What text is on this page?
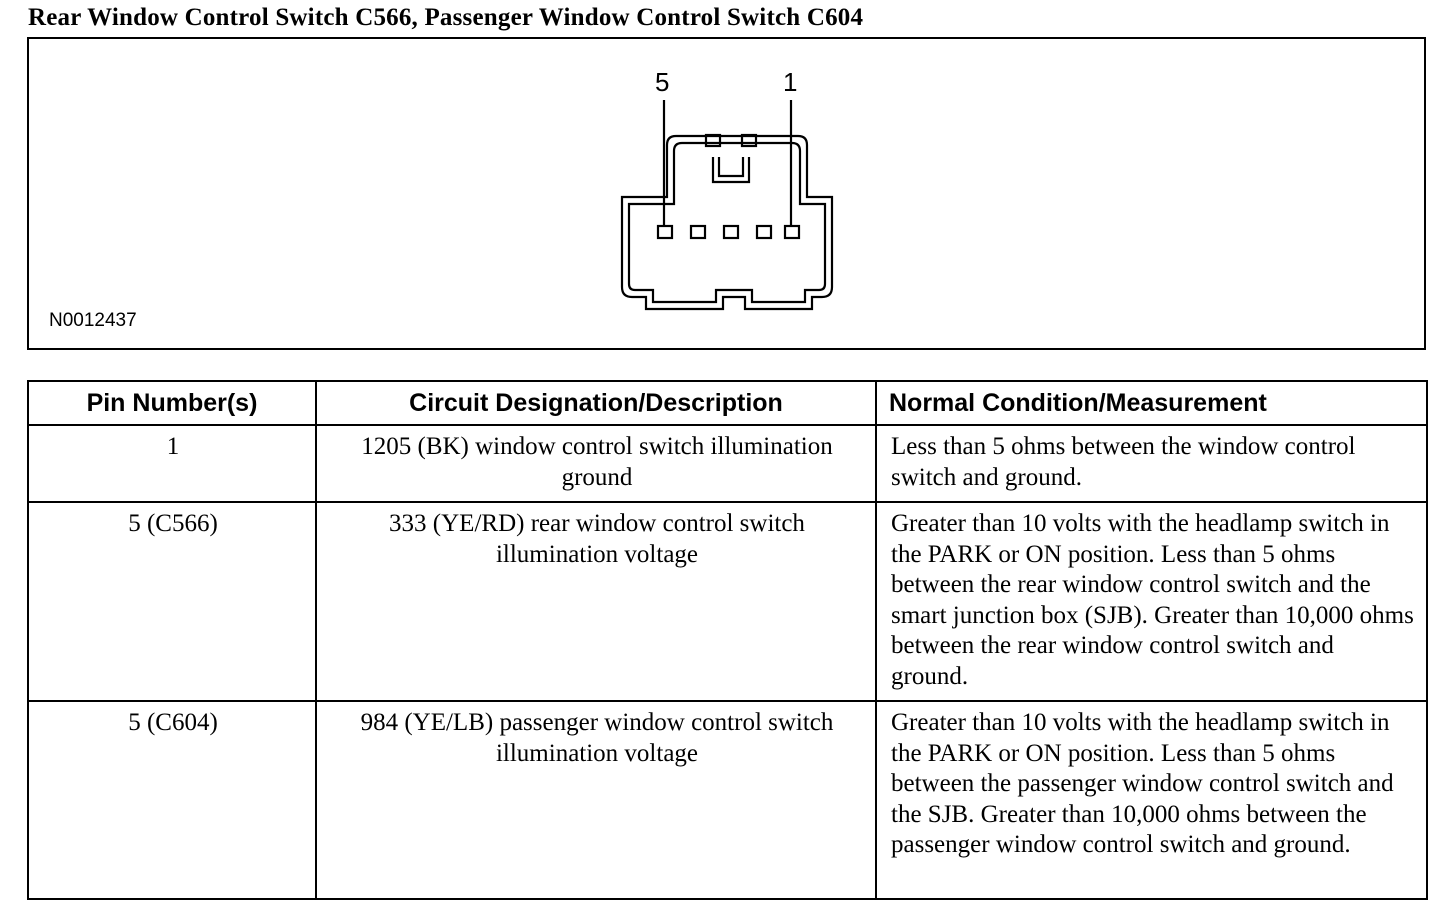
Rear Window Control Switch C566, Passenger Window Control Switch C604
5	1
N0012437
Pin Number(s)	Circuit Designation/Description	Normal Condition/Measurement
1	1205 (BK) window control switch illumination ground	Less than 5 ohms between the window control switch and ground.
5 (C566)	333 (YE/RD) rear window control switch illumination voltage	Greater than 10 volts with the headlamp switch in the PARK or ON position. Less than 5 ohms between the rear window control switch and the smart junction box (SJB). Greater than 10,000 ohms between the rear window control switch and ground.
5 (C604)	984 (YE/LB) passenger window control switch illumination voltage	Greater than 10 volts with the headlamp switch in the PARK or ON position. Less than 5 ohms between the passenger window control switch and the SJB. Greater than 10,000 ohms between the passenger window control switch and ground.
